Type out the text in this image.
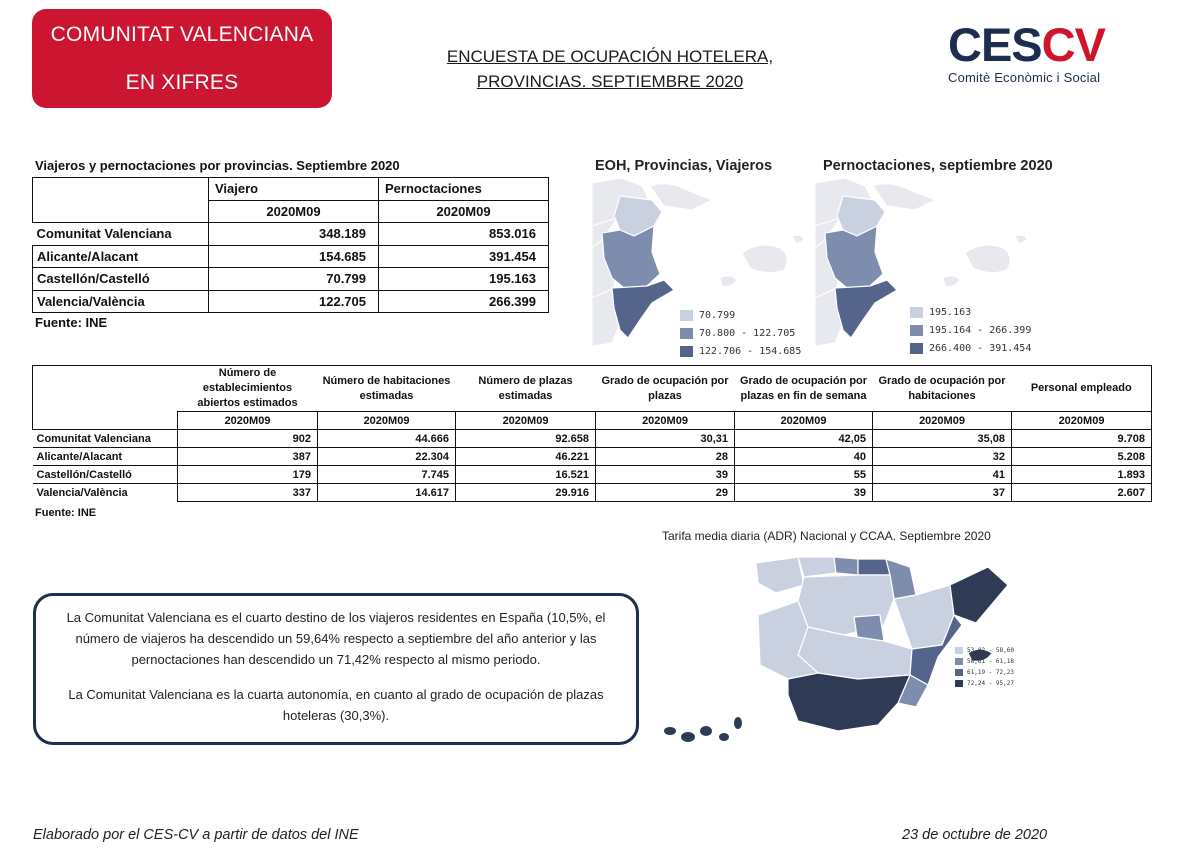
COMUNITAT VALENCIANA
EN XIFRES
ENCUESTA DE OCUPACIÓN HOTELERA,
PROVINCIAS. SEPTIEMBRE 2020
CESCV
Comitè Econòmic i Social
Viajeros y pernoctaciones por provincias. Septiembre 2020
	Viajero	Pernoctaciones
	2020M09	2020M09
Comunitat Valenciana	348.189	853.016
Alicante/Alacant	154.685	391.454
Castellón/Castelló	70.799	195.163
Valencia/València	122.705	266.399
Fuente: INE
EOH, Provincias, Viajeros
70.799
70.800 - 122.705
122.706 - 154.685
Pernoctaciones, septiembre 2020
195.163
195.164 - 266.399
266.400 - 391.454
	Número de establecimientos abiertos estimados	Número de habitaciones estimadas	Número de plazas estimadas	Grado de ocupación por plazas	Grado de ocupación por plazas en fin de semana	Grado de ocupación por habitaciones	Personal empleado
	2020M09	2020M09	2020M09	2020M09	2020M09	2020M09	2020M09
Comunitat Valenciana	902	44.666	92.658	30,31	42,05	35,08	9.708
Alicante/Alacant	387	22.304	46.221	28	40	32	5.208
Castellón/Castelló	179	7.745	16.521	39	55	41	1.893
Valencia/València	337	14.617	29.916	29	39	37	2.607
Fuente: INE
Tarifa media diaria (ADR) Nacional y CCAA. Septiembre 2020
53,02 - 58,60
58,61 - 61,18
61,19 - 72,23
72,24 - 95,27

La Comunitat Valenciana es el cuarto destino de los viajeros residentes en España (10,5%, el número de viajeros ha descendido un 59,64% respecto a septiembre del año anterior y las pernoctaciones han descendido un 71,42% respecto al mismo periodo.

La Comunitat Valenciana es la cuarta autonomía, en cuanto al grado de ocupación de plazas hoteleras (30,3%).

Elaborado por el CES-CV a partir de datos del INE	23 de octubre de 2020
